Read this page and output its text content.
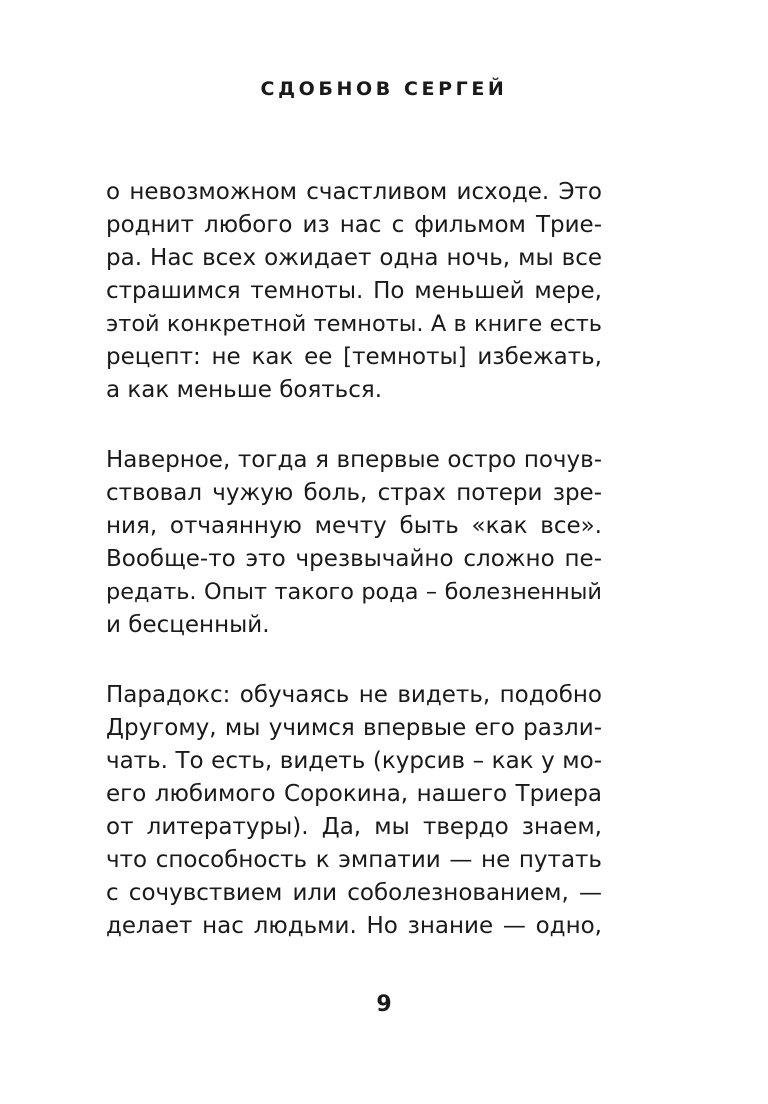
СДОБНОВ СЕРГЕЙ
о невозможном счастливом исходе. Это
роднит любого из нас с фильмом Трие-
ра. Нас всех ожидает одна ночь, мы все
страшимся темноты. По меньшей мере,
этой конкретной темноты. А в книге есть
рецепт: не как ее [темноты] избежать,
а как меньше бояться.
Наверное, тогда я впервые остро почув-
ствовал чужую боль, страх потери зре-
ния, отчаянную мечту быть «как все».
Вообще-то это чрезвычайно сложно пе-
редать. Опыт такого рода – болезненный
и бесценный.
Парадокс: обучаясь не видеть, подобно
Другому, мы учимся впервые его разли-
чать. То есть, видеть (курсив – как у мо-
его любимого Сорокина, нашего Триера
от литературы). Да, мы твердо знаем,
что способность к эмпатии — не путать
с сочувствием или соболезнованием, —
делает нас людьми. Но знание — одно,
9
